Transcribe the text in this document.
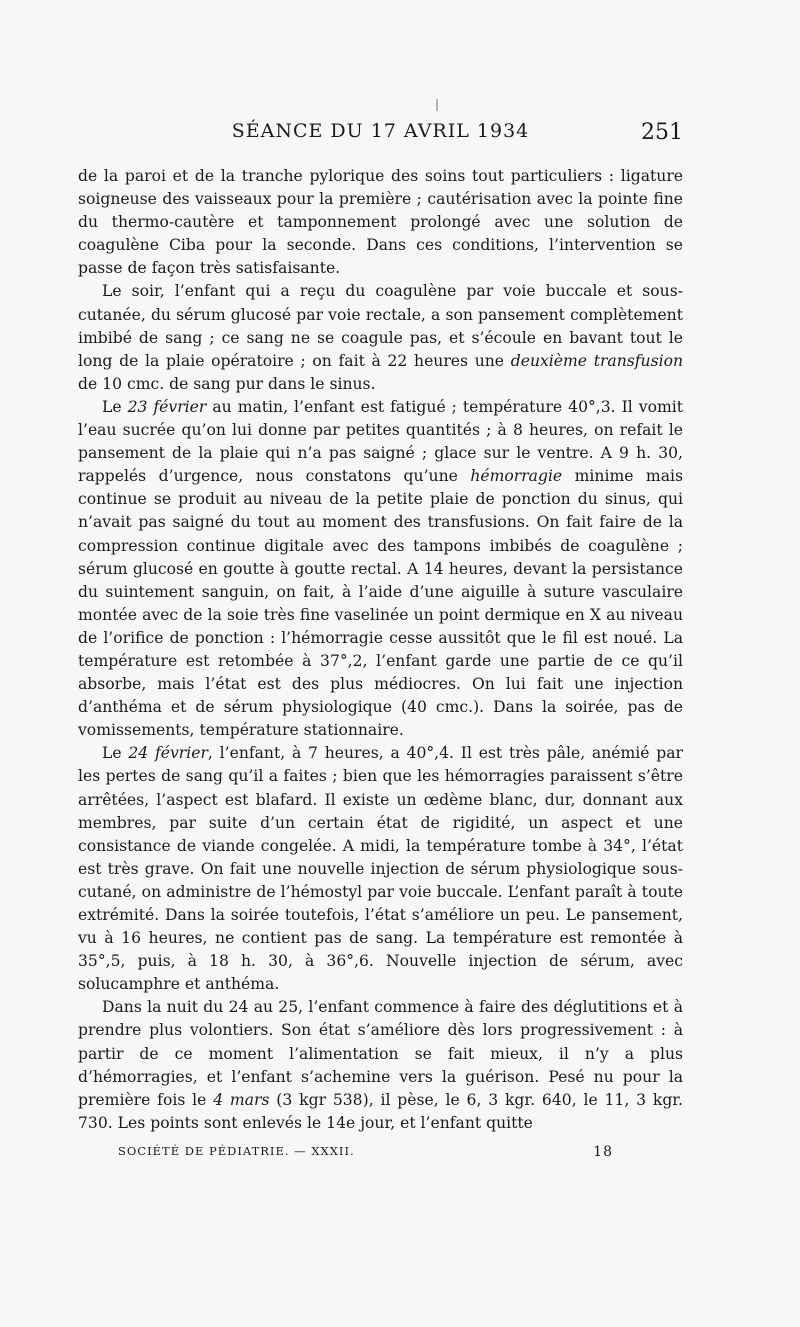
SÉANCE DU 17 AVRIL 1934	251

de la paroi et de la tranche pylorique des soins tout particuliers : ligature soigneuse des vaisseaux pour la première ; cautérisation avec la pointe fine du thermo-cautère et tamponnement prolongé avec une solution de coagulène Ciba pour la seconde. Dans ces conditions, l’intervention se passe de façon très satisfaisante.

Le soir, l’enfant qui a reçu du coagulène par voie buccale et sous-cutanée, du sérum glucosé par voie rectale, a son pansement complètement imbibé de sang ; ce sang ne se coagule pas, et s’écoule en bavant tout le long de la plaie opératoire ; on fait à 22 heures une deuxième transfusion de 10 cmc. de sang pur dans le sinus.

Le 23 février au matin, l’enfant est fatigué ; température 40°,3. Il vomit l’eau sucrée qu’on lui donne par petites quantités ; à 8 heures, on refait le pansement de la plaie qui n’a pas saigné ; glace sur le ventre. A 9 h. 30, rappelés d’urgence, nous constatons qu’une hémorragie minime mais continue se produit au niveau de la petite plaie de ponction du sinus, qui n’avait pas saigné du tout au moment des transfusions. On fait faire de la compression continue digitale avec des tampons imbibés de coagulène ; sérum glucosé en goutte à goutte rectal. A 14 heures, devant la persistance du suintement sanguin, on fait, à l’aide d’une aiguille à suture vasculaire montée avec de la soie très fine vaselinée un point dermique en X au niveau de l’orifice de ponction : l’hémorragie cesse aussitôt que le fil est noué. La température est retombée à 37°,2, l’enfant garde une partie de ce qu’il absorbe, mais l’état est des plus médiocres. On lui fait une injection d’anthéma et de sérum physiologique (40 cmc.). Dans la soirée, pas de vomissements, température stationnaire.

Le 24 février, l’enfant, à 7 heures, a 40°,4. Il est très pâle, anémié par les pertes de sang qu’il a faites ; bien que les hémorragies paraissent s’être arrêtées, l’aspect est blafard. Il existe un œdème blanc, dur, donnant aux membres, par suite d’un certain état de rigidité, un aspect et une consistance de viande congelée. A midi, la température tombe à 34°, l’état est très grave. On fait une nouvelle injection de sérum physiologique sous-cutané, on administre de l’hémostyl par voie buccale. L’enfant paraît à toute extrémité. Dans la soirée toutefois, l’état s’améliore un peu. Le pansement, vu à 16 heures, ne contient pas de sang. La température est remontée à 35°,5, puis, à 18 h. 30, à 36°,6. Nouvelle injection de sérum, avec solucamphre et anthéma.

Dans la nuit du 24 au 25, l’enfant commence à faire des déglutitions et à prendre plus volontiers. Son état s’améliore dès lors progressivement : à partir de ce moment l’alimentation se fait mieux, il n’y a plus d’hémorragies, et l’enfant s’achemine vers la guérison. Pesé nu pour la première fois le 4 mars (3 kgr 538), il pèse, le 6, 3 kgr. 640, le 11, 3 kgr. 730. Les points sont enlevés le 14e jour, et l’enfant quitte

SOCIÉTÉ DE PÉDIATRIE. — XXXII.	18
